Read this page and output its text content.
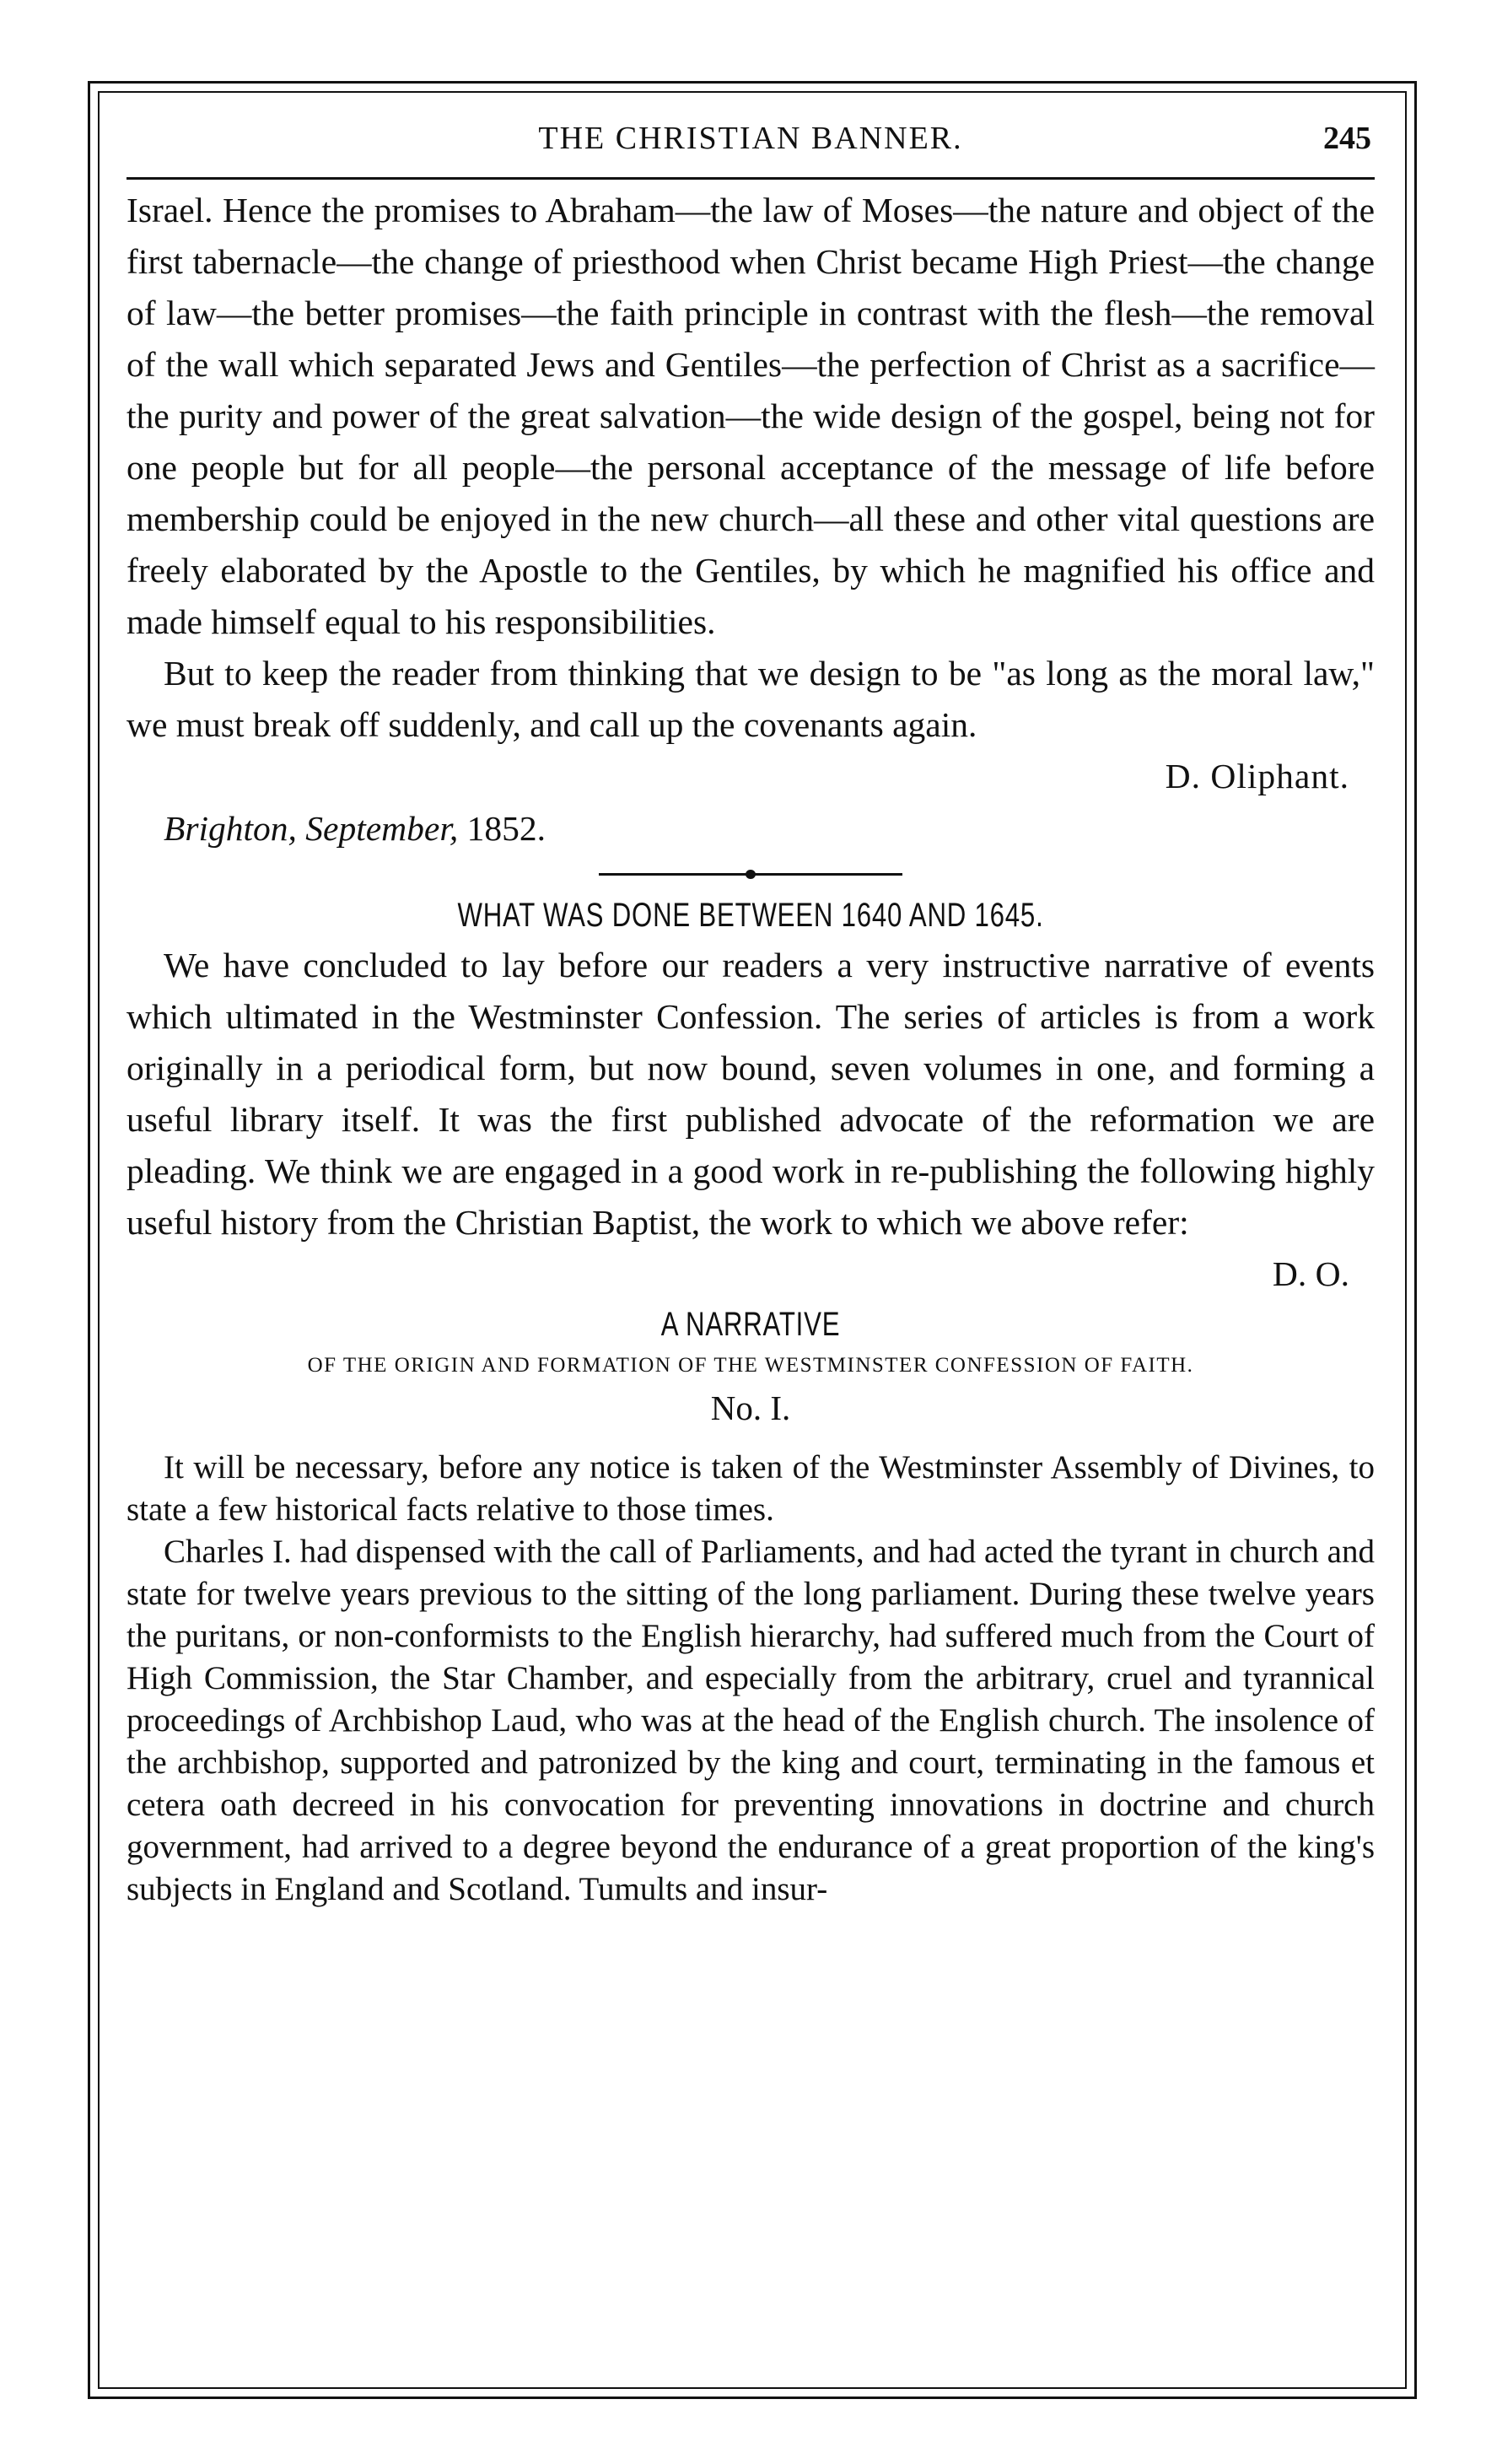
THE CHRISTIAN BANNER.	245

Israel. Hence the promises to Abraham—the law of Moses—the nature and object of the first tabernacle—the change of priesthood when Christ became High Priest—the change of law—the better promises—the faith principle in contrast with the flesh—the removal of the wall which separated Jews and Gentiles—the perfection of Christ as a sacrifice—the purity and power of the great salvation—the wide design of the gospel, being not for one people but for all people—the personal acceptance of the message of life before membership could be enjoyed in the new church—all these and other vital questions are freely elaborated by the Apostle to the Gentiles, by which he magnified his office and made himself equal to his responsibilities.

But to keep the reader from thinking that we design to be "as long as the moral law," we must break off suddenly, and call up the covenants again.

D. Oliphant.
Brighton, September, 1852.
WHAT WAS DONE BETWEEN 1640 AND 1645.

We have concluded to lay before our readers a very instructive narrative of events which ultimated in the Westminster Confession. The series of articles is from a work originally in a periodical form, but now bound, seven volumes in one, and forming a useful library itself. It was the first published advocate of the reformation we are pleading. We think we are engaged in a good work in re-publishing the following highly useful history from the Christian Baptist, the work to which we above refer:

D. O.
A NARRATIVE
OF THE ORIGIN AND FORMATION OF THE WESTMINSTER CONFESSION OF FAITH.
No. I.

It will be necessary, before any notice is taken of the Westminster Assembly of Divines, to state a few historical facts relative to those times.

Charles I. had dispensed with the call of Parliaments, and had acted the tyrant in church and state for twelve years previous to the sitting of the long parliament. During these twelve years the puritans, or non-conformists to the English hierarchy, had suffered much from the Court of High Commission, the Star Chamber, and especially from the arbitrary, cruel and tyrannical proceedings of Archbishop Laud, who was at the head of the English church. The insolence of the archbishop, supported and patronized by the king and court, terminating in the famous et cetera oath decreed in his convocation for preventing innovations in doctrine and church government, had arrived to a degree beyond the endurance of a great proportion of the king's subjects in England and Scotland. Tumults and insur-
